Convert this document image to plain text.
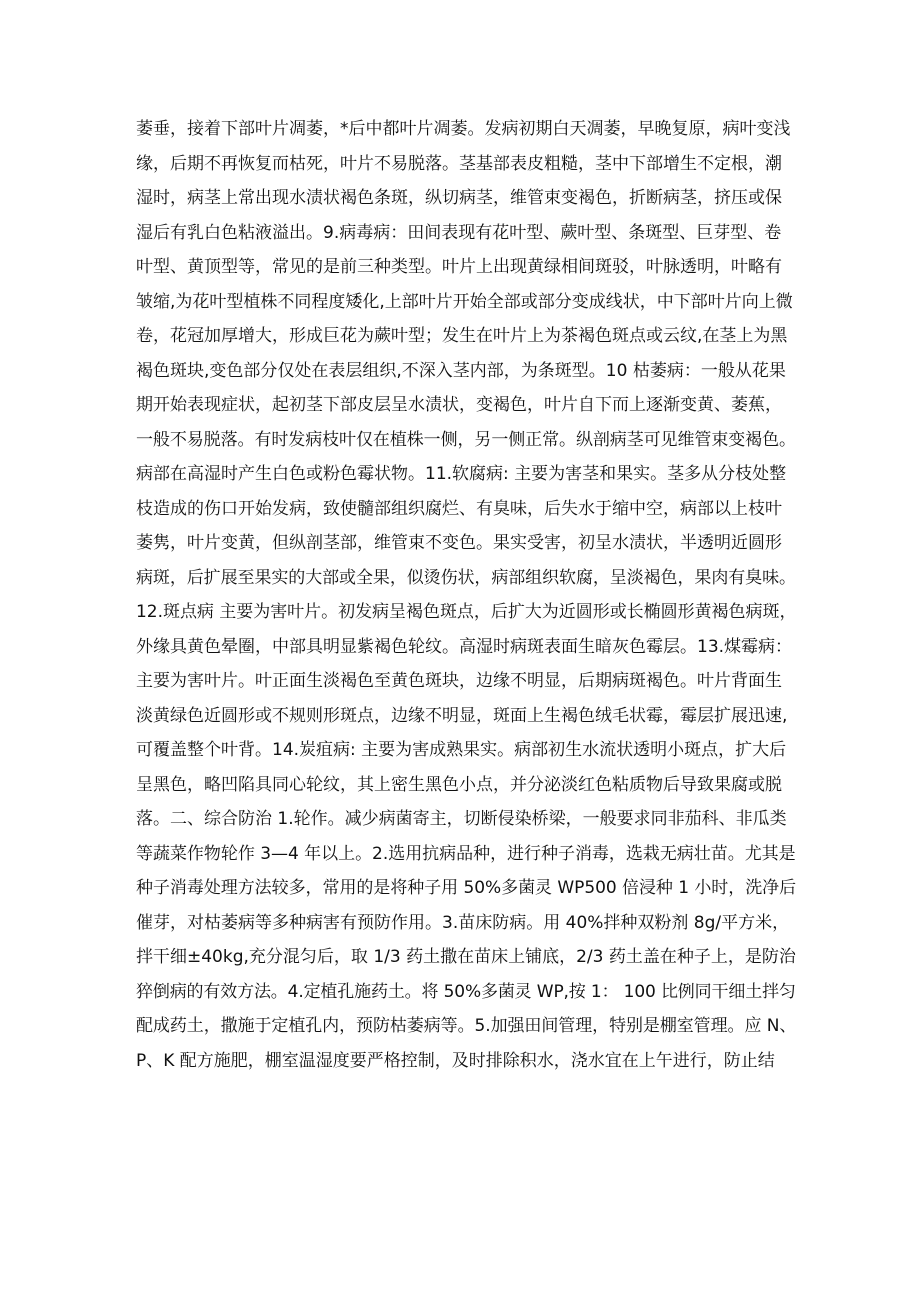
萎垂，接着下部叶片凋萎，*后中都叶片凋萎。发病初期白天凋萎，早晚复原，病叶变浅
缘，后期不再恢复而枯死，叶片不易脱落。茎基部表皮粗糙，茎中下部增生不定根，潮
湿时，病茎上常出现水渍状褐色条斑，纵切病茎，维管束变褐色，折断病茎，挤压或保
湿后有乳白色粘液溢出。9.病毒病：田间表现有花叶型、蕨叶型、条斑型、巨芽型、卷
叶型、黄顶型等，常见的是前三种类型。叶片上出现黄绿相间斑驳，叶脉透明，叶略有
皱缩,为花叶型植株不同程度矮化,上部叶片开始全部或部分变成线状，中下部叶片向上微
卷，花冠加厚增大，形成巨花为蕨叶型；发生在叶片上为茶褐色斑点或云纹,在茎上为黑
褐色斑块,变色部分仅处在表层组织,不深入茎内部，为条斑型。10 枯萎病：一般从花果
期开始表现症状，起初茎下部皮层呈水渍状，变褐色，叶片自下而上逐渐变黄、萎蕉，
一般不易脱落。有时发病枝叶仅在植株一侧，另一侧正常。纵剖病茎可见维管束变褐色。
病部在高湿时产生白色或粉色霉状物。11.软腐病: 主要为害茎和果实。茎多从分枝处整
枝造成的伤口开始发病，致使髓部组织腐烂、有臭味，后失水于缩中空，病部以上枝叶
萎隽，叶片变黄，但纵剖茎部，维管束不变色。果实受害，初呈水渍状，半透明近圆形
病斑，后扩展至果实的大部或全果，似烫伤状，病部组织软腐，呈淡褐色，果肉有臭味。
12.斑点病 主要为害叶片。初发病呈褐色斑点，后扩大为近圆形或长椭圆形黄褐色病斑，
外缘具黄色晕圈，中部具明显紫褐色轮纹。高湿时病斑表面生暗灰色霉层。13.煤霉病：
主要为害叶片。叶正面生淡褐色至黄色斑块，边缘不明显，后期病斑褐色。叶片背面生
淡黄绿色近圆形或不规则形斑点，边缘不明显，斑面上生褐色绒毛状霉，霉层扩展迅速,
可覆盖整个叶背。14.炭疽病: 主要为害成熟果实。病部初生水流状透明小斑点，扩大后
呈黑色，略凹陷具同心轮纹，其上密生黑色小点，并分泌淡红色粘质物后导致果腐或脱
落。二、综合防治 1.轮作。减少病菌寄主，切断侵染桥梁，一般要求同非茄科、非瓜类
等蔬菜作物轮作 3—4 年以上。2.选用抗病品种，进行种子消毒，选栽无病壮苗。尤其是
种子消毒处理方法较多，常用的是将种子用 50%多菌灵 WP500 倍浸种 1 小时，洗净后
催芽，对枯萎病等多种病害有预防作用。3.苗床防病。用 40%拌种双粉剂 8g/平方米，
拌干细±40kg,充分混匀后，取 1/3 药土撒在苗床上铺底，2/3 药土盖在种子上，是防治
猝倒病的有效方法。4.定植孔施药土。将 50%多菌灵 WP,按 1： 100 比例同干细土拌匀
配成药土，撒施于定植孔内，预防枯萎病等。5.加强田间管理，特别是棚室管理。应 N、
P、K 配方施肥，棚室温湿度要严格控制，及时排除积水，浇水宜在上午进行，防止结
